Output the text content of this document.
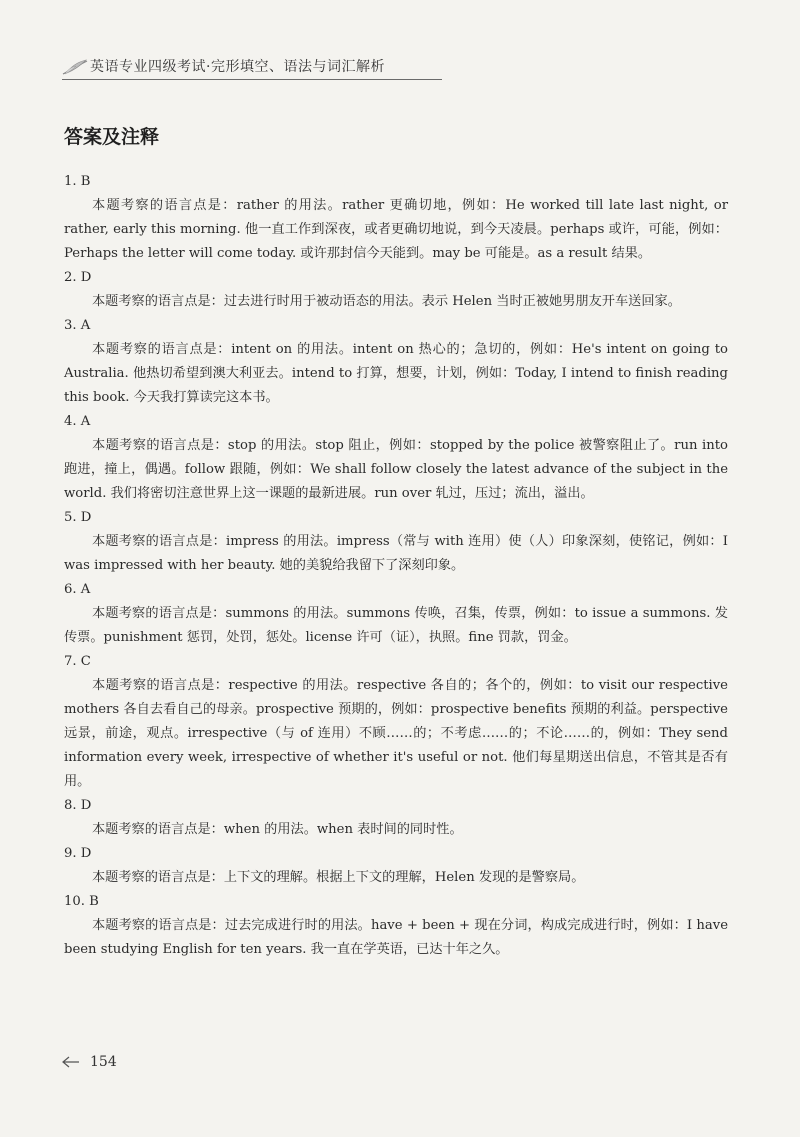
英语专业四级考试·完形填空、语法与词汇解析
答案及注释
1. B

本题考察的语言点是：rather 的用法。rather 更确切地，例如：He worked till late last night, or rather, early this morning. 他一直工作到深夜，或者更确切地说，到今天凌晨。perhaps 或许，可能，例如：Perhaps the letter will come today. 或许那封信今天能到。may be 可能是。as a result 结果。

2. D

本题考察的语言点是：过去进行时用于被动语态的用法。表示 Helen 当时正被她男朋友开车送回家。

3. A

本题考察的语言点是：intent on 的用法。intent on 热心的；急切的，例如：He's intent on going to Australia. 他热切希望到澳大利亚去。intend to 打算，想要，计划，例如：Today, I intend to finish reading this book. 今天我打算读完这本书。

4. A

本题考察的语言点是：stop 的用法。stop 阻止，例如：stopped by the police 被警察阻止了。run into 跑进，撞上，偶遇。follow 跟随，例如：We shall follow closely the latest advance of the subject in the world. 我们将密切注意世界上这一课题的最新进展。run over 轧过，压过；流出，溢出。

5. D

本题考察的语言点是：impress 的用法。impress（常与 with 连用）使（人）印象深刻，使铭记，例如：I was impressed with her beauty. 她的美貌给我留下了深刻印象。

6. A

本题考察的语言点是：summons 的用法。summons 传唤，召集，传票，例如：to issue a summons. 发传票。punishment 惩罚，处罚，惩处。license 许可（证），执照。fine 罚款，罚金。

7. C

本题考察的语言点是：respective 的用法。respective 各自的；各个的，例如：to visit our respective mothers 各自去看自己的母亲。prospective 预期的，例如：prospective benefits 预期的利益。perspective 远景，前途，观点。irrespective（与 of 连用）不顾……的；不考虑……的；不论……的，例如：They send information every week, irrespective of whether it's useful or not. 他们每星期送出信息，不管其是否有用。

8. D

本题考察的语言点是：when 的用法。when 表时间的同时性。

9. D

本题考察的语言点是：上下文的理解。根据上下文的理解，Helen 发现的是警察局。

10. B

本题考察的语言点是：过去完成进行时的用法。have + been + 现在分词，构成完成进行时，例如：I have been studying English for ten years. 我一直在学英语，已达十年之久。

154
